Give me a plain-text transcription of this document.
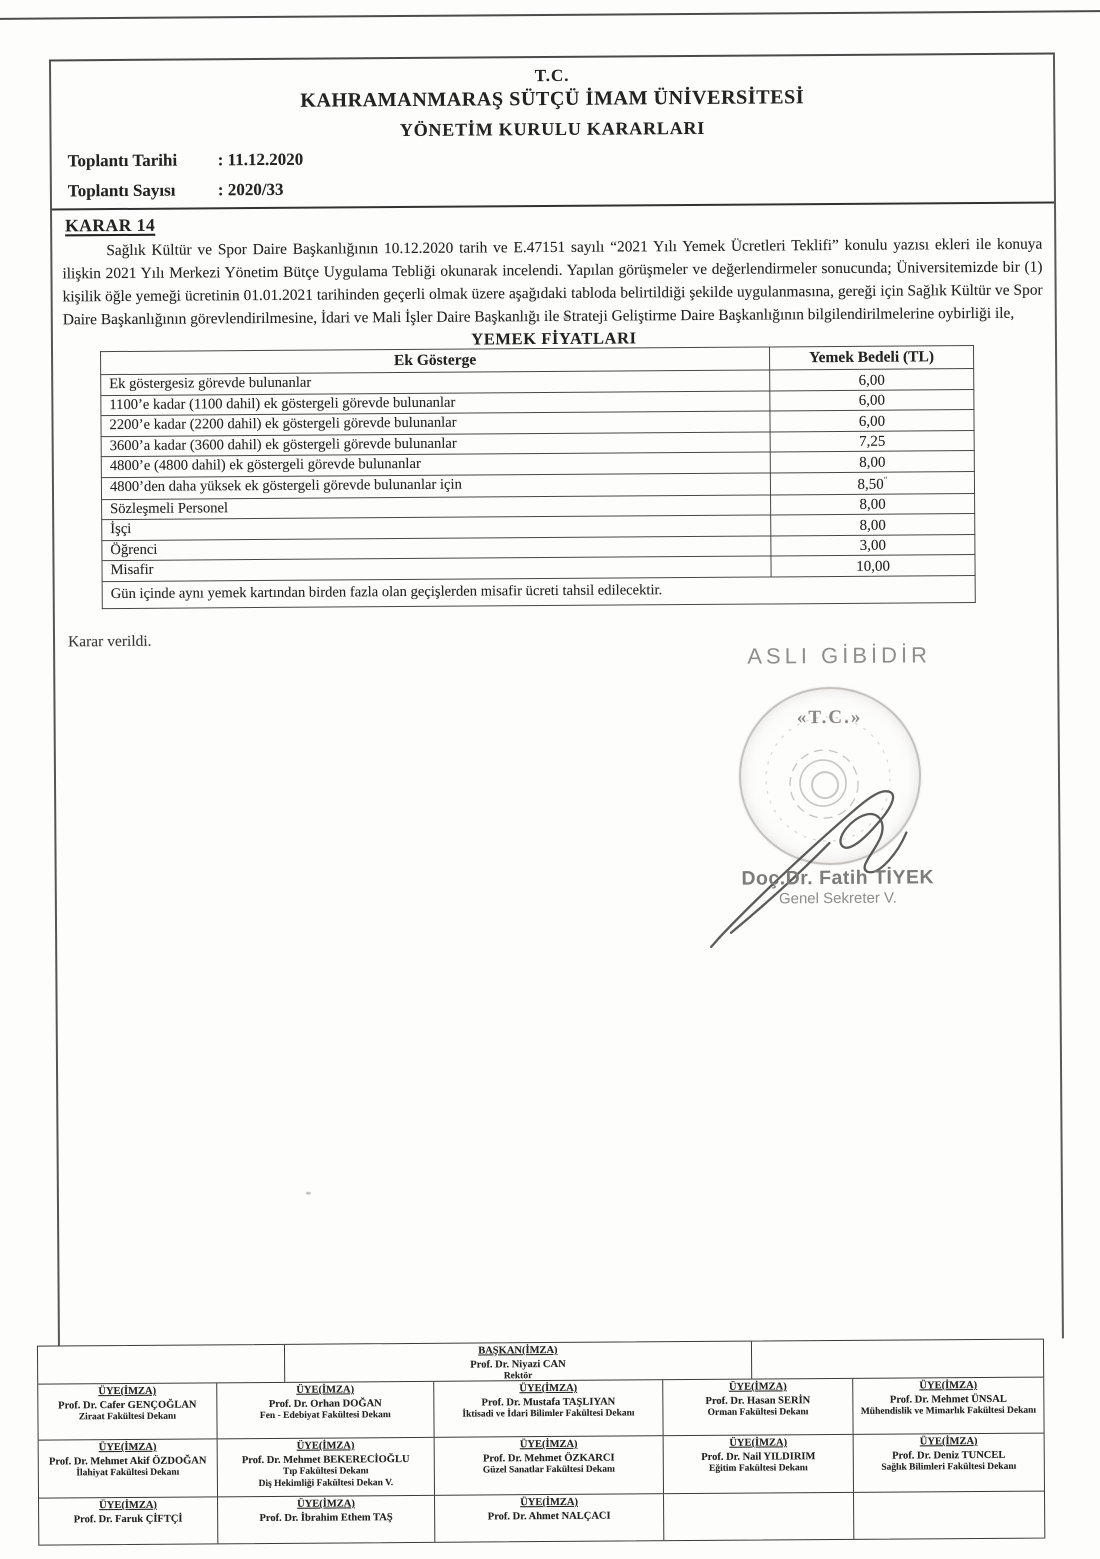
T.C.
KAHRAMANMARAŞ SÜTÇÜ İMAM ÜNİVERSİTESİ
YÖNETİM KURULU KARARLARI
Toplantı Tarihi : 11.12.2020
Toplantı Sayısı : 2020/33
KARAR 14

Sağlık Kültür ve Spor Daire Başkanlığının 10.12.2020 tarih ve E.47151 sayılı “2021 Yılı Yemek Ücretleri Teklifi” konulu yazısı ekleri ile konuya ilişkin 2021 Yılı Merkezi Yönetim Bütçe Uygulama Tebliği okunarak incelendi. Yapılan görüşmeler ve değerlendirmeler sonucunda; Üniversitemizde bir (1) kişilik öğle yemeği ücretinin 01.01.2021 tarihinden geçerli olmak üzere aşağıdaki tabloda belirtildiği şekilde uygulanmasına, gereği için Sağlık Kültür ve Spor Daire Başkanlığının görevlendirilmesine, İdari ve Mali İşler Daire Başkanlığı ile Strateji Geliştirme Daire Başkanlığının bilgilendirilmelerine oybirliği ile,

YEMEK FİYATLARI
Ek Gösterge	Yemek Bedeli (TL)
Ek göstergesiz görevde bulunanlar	6,00
1100’e kadar (1100 dahil) ek göstergeli görevde bulunanlar	6,00
2200’e kadar (2200 dahil) ek göstergeli görevde bulunanlar	6,00
3600’a kadar (3600 dahil) ek göstergeli görevde bulunanlar	7,25
4800’e (4800 dahil) ek göstergeli görevde bulunanlar	8,00
4800’den daha yüksek ek göstergeli görevde bulunanlar için	8,50″
Sözleşmeli Personel	8,00
İşçi	8,00
Öğrenci	3,00
Misafir	10,00
Gün içinde aynı yemek kartından birden fazla olan geçişlerden misafir ücreti tahsil edilecektir.	
Karar verildi.
ASLI GİBİDİR
«T.C.»
Doç.Dr. Fatih TİYEK
Genel Sekreter V.
BAŞKAN(İMZA)
Prof. Dr. Niyazi CAN
Rektör
ÜYE(İMZA)
Prof. Dr. Cafer GENÇOĞLAN
Ziraat Fakültesi Dekanı
ÜYE(İMZA)
Prof. Dr. Orhan DOĞAN
Fen - Edebiyat Fakültesi Dekanı
ÜYE(İMZA)
Prof. Dr. Mustafa TAŞLIYAN
İktisadi ve İdari Bilimler Fakültesi Dekanı
ÜYE(İMZA)
Prof. Dr. Hasan SERİN
Orman Fakültesi Dekanı
ÜYE(İMZA)
Prof. Dr. Mehmet ÜNSAL
Mühendislik ve Mimarlık Fakültesi Dekanı
ÜYE(İMZA)
Prof. Dr. Mehmet Akif ÖZDOĞAN
İlahiyat Fakültesi Dekanı
ÜYE(İMZA)
Prof. Dr. Mehmet BEKERECİOĞLU
Tıp Fakültesi Dekanı
Diş Hekimliği Fakültesi Dekan V.
ÜYE(İMZA)
Prof. Dr. Mehmet ÖZKARCI
Güzel Sanatlar Fakültesi Dekanı
ÜYE(İMZA)
Prof. Dr. Nail YILDIRIM
Eğitim Fakültesi Dekanı
ÜYE(İMZA)
Prof. Dr. Deniz TUNCEL
Sağlık Bilimleri Fakültesi Dekanı
ÜYE(İMZA)
Prof. Dr. Faruk ÇİFTÇİ
ÜYE(İMZA)
Prof. Dr. İbrahim Ethem TAŞ
ÜYE(İMZA)
Prof. Dr. Ahmet NALÇACI
